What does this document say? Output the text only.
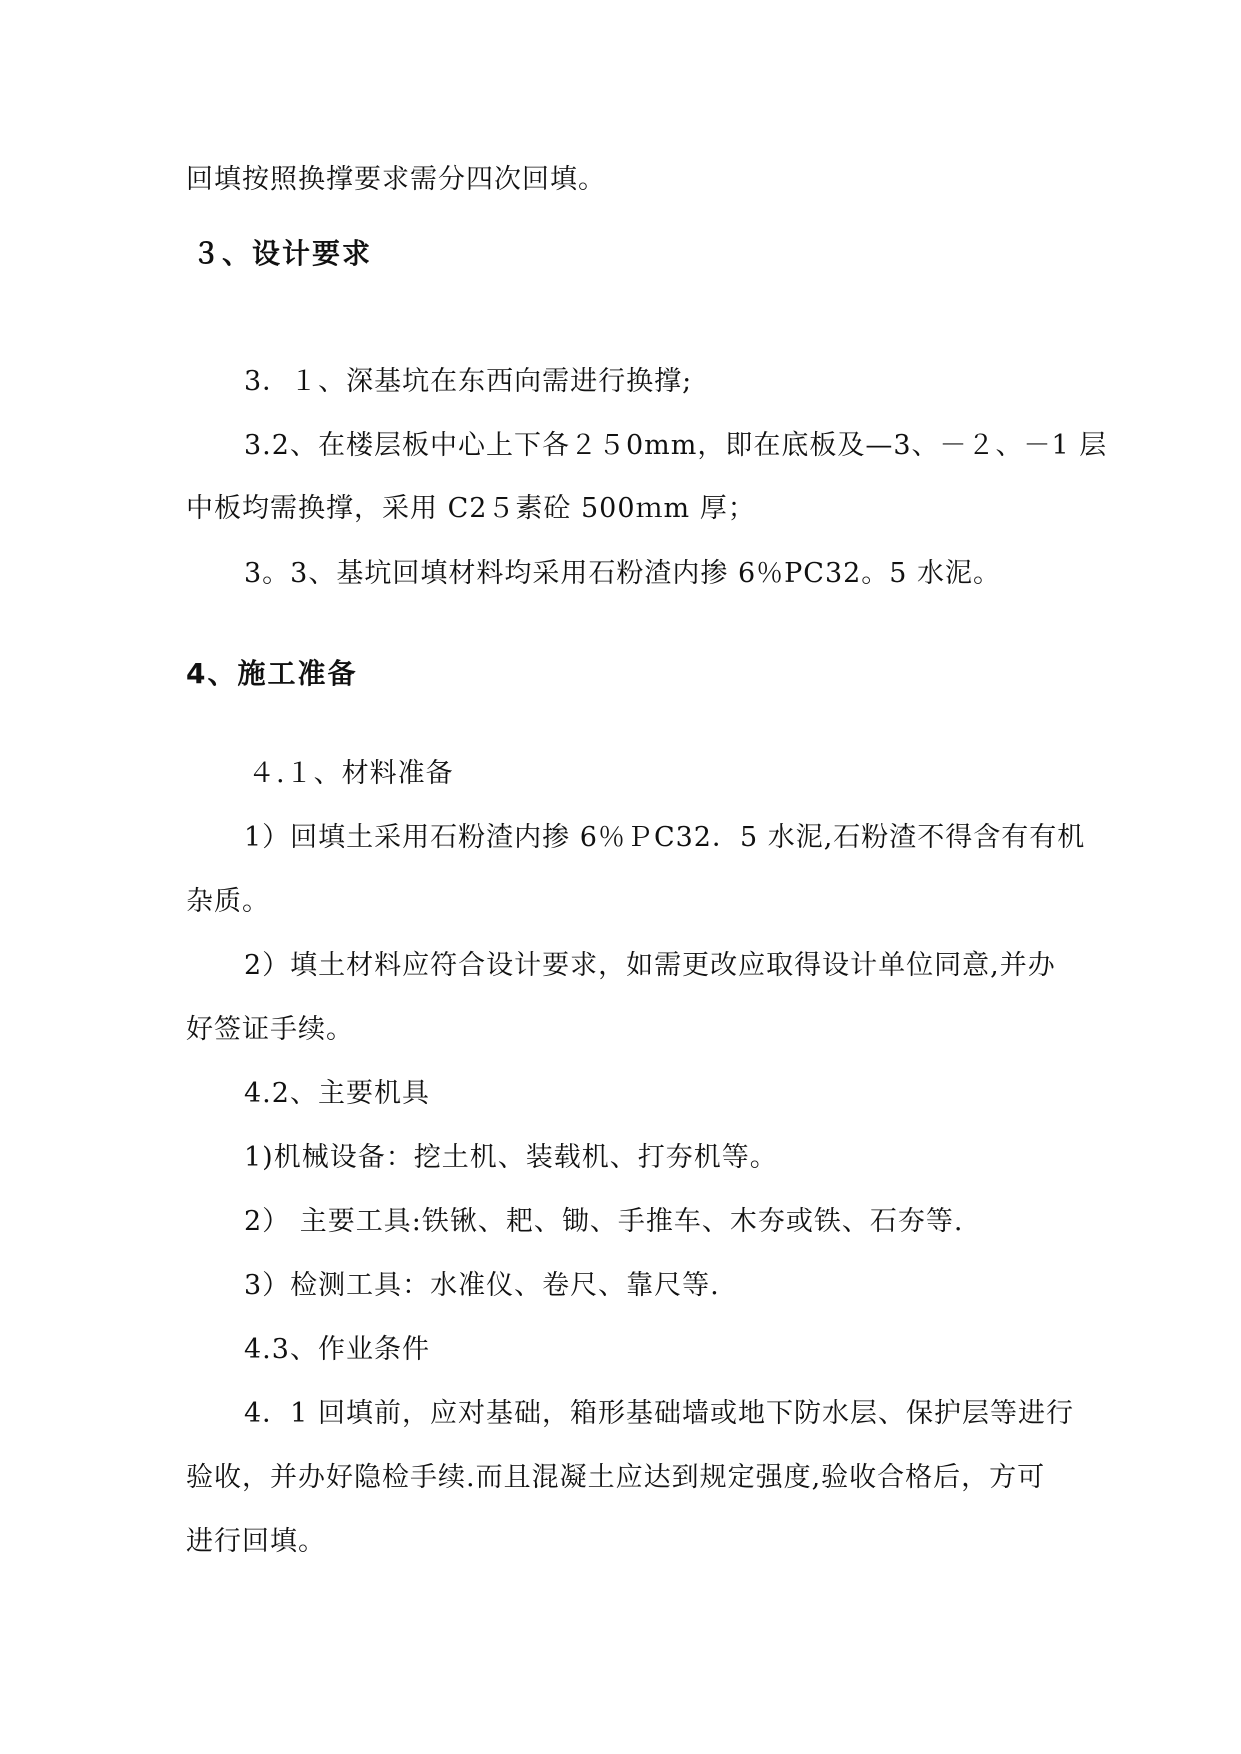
回填按照换撑要求需分四次回填。
３、设计要求
3．１、深基坑在东西向需进行换撑;
3.2、在楼层板中心上下各２５0mm，即在底板及—3、－２、－1 层
中板均需换撑，采用 C2５素砼 500ｍm 厚；
3。3、基坑回填材料均采用石粉渣内掺 6％PC32。5 水泥。
4、施工准备
４.１、材料准备
1）回填土采用石粉渣内掺 6％ＰC32．5 水泥,石粉渣不得含有有机
杂质。
2）填土材料应符合设计要求，如需更改应取得设计单位同意,并办
好签证手续。
4.2、主要机具
1)机械设备：挖土机、装载机、打夯机等。
2） 主要工具:铁锹、耙、锄、手推车、木夯或铁、石夯等.
3）检测工具：水准仪、卷尺、靠尺等.
4.3、作业条件
4．1 回填前，应对基础，箱形基础墙或地下防水层、保护层等进行
验收，并办好隐检手续.而且混凝土应达到规定强度,验收合格后，方可
进行回填。
